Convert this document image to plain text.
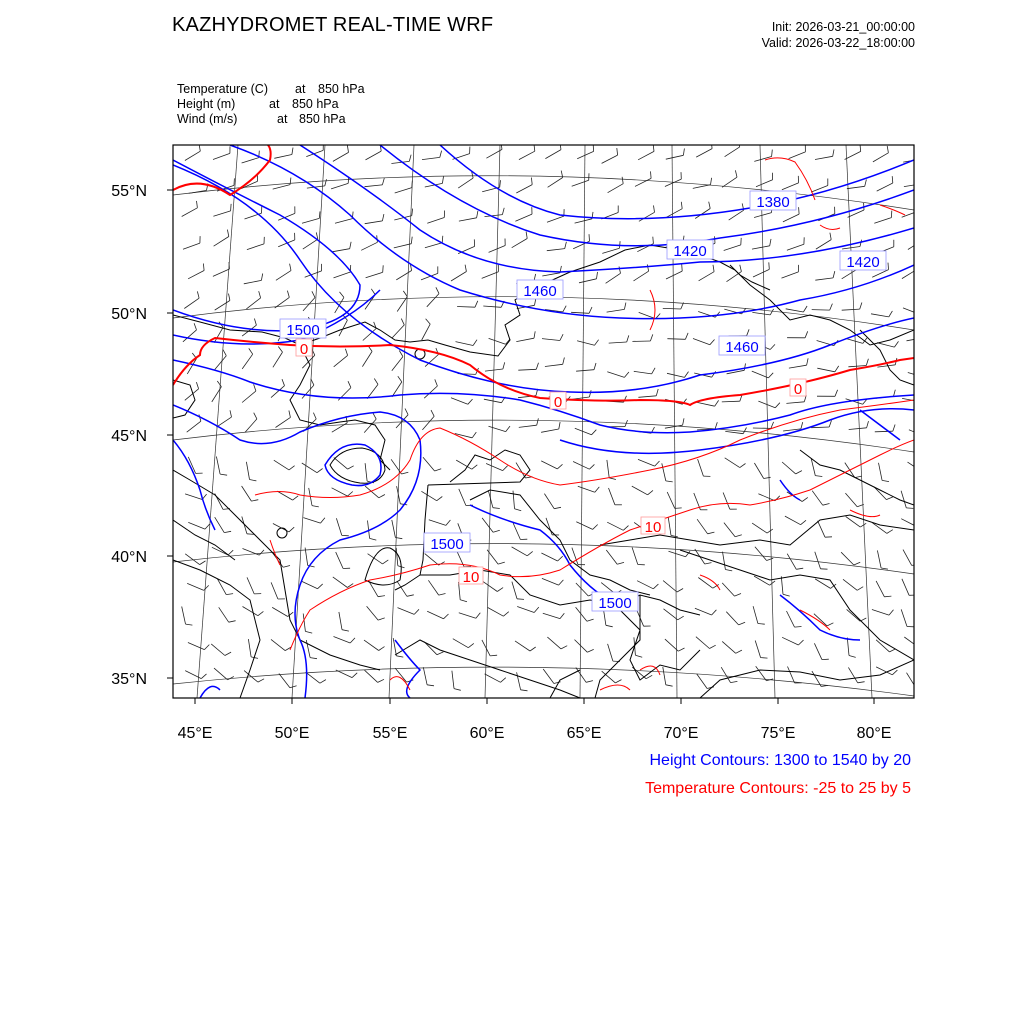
KAZHYDROMET REAL-TIME WRF	Init: 2026-03-21_00:00:00
Valid: 2026-03-22_18:00:00
Temperature (C) at 850 hPa
Height (m)	at 850 hPa
Wind (m/s)	at 850 hPa
1380
1420
1420
1460
1460
1500
1500
1500
0
0
0
10
10
55°N
50°N
45°N
40°N
35°N
45°E	50°E	55°E	60°E	65°E	70°E	75°E	80°E
Height Contours: 1300 to 1540 by 20
Temperature Contours: -25 to 25 by 5
